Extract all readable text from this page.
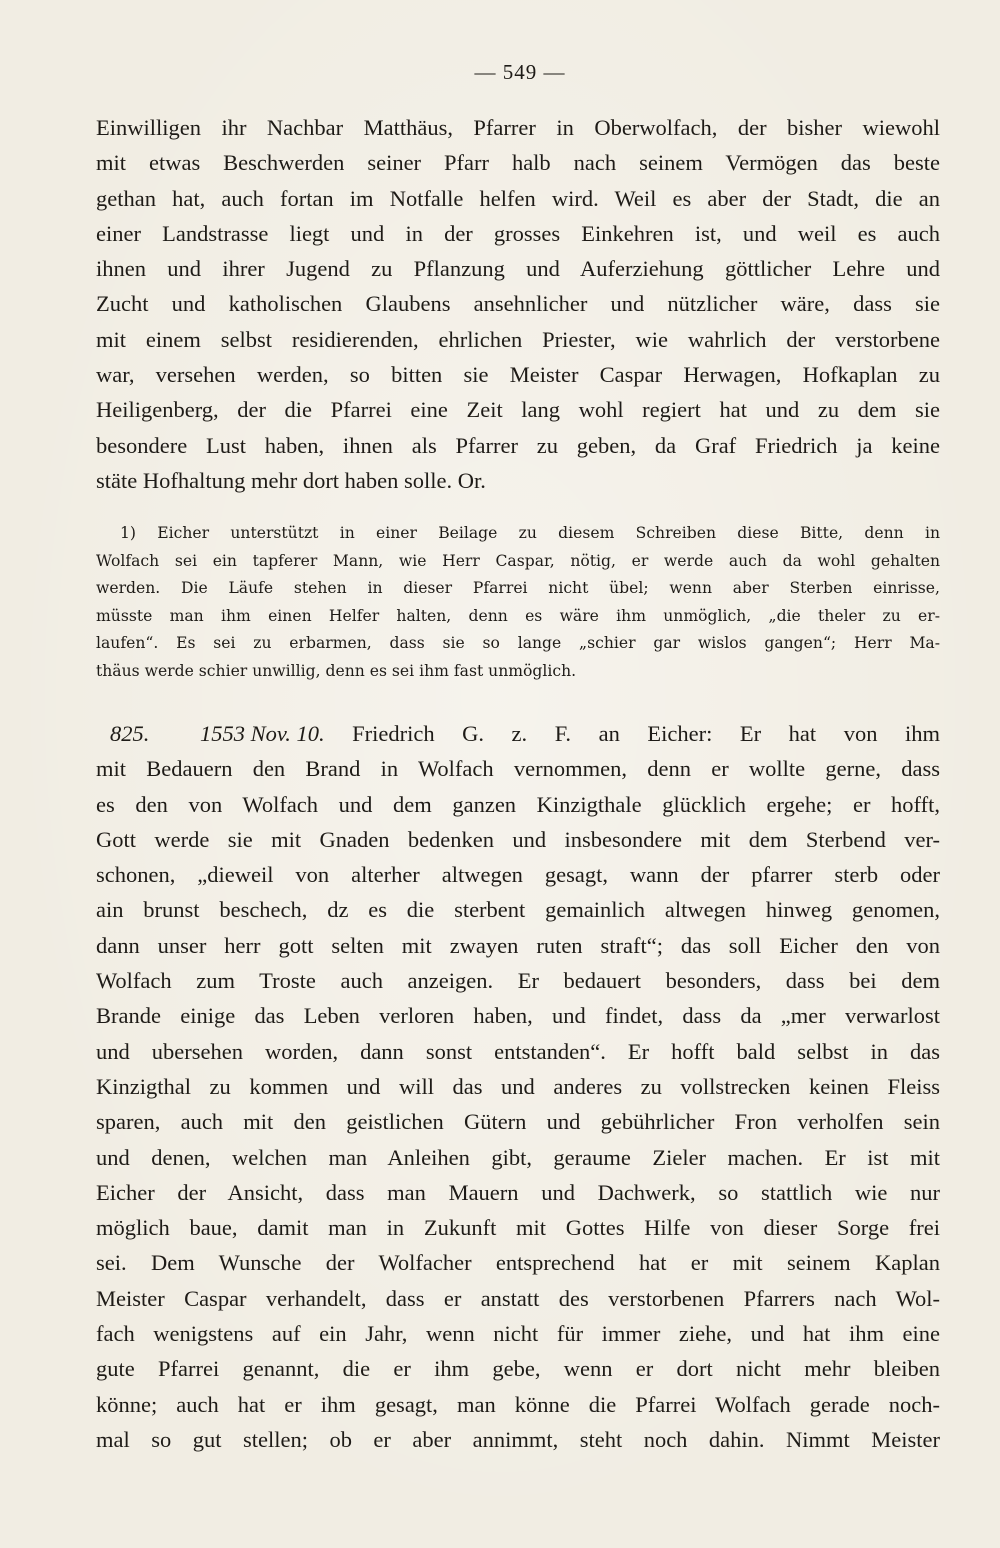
— 549 —
Einwilligen ihr Nachbar Matthäus, Pfarrer in Oberwolfach, der bisher wiewohl
mit etwas Beschwerden seiner Pfarr halb nach seinem Vermögen das beste
gethan hat, auch fortan im Notfalle helfen wird. Weil es aber der Stadt, die an
einer Landstrasse liegt und in der grosses Einkehren ist, und weil es auch
ihnen und ihrer Jugend zu Pflanzung und Auferziehung göttlicher Lehre und
Zucht und katholischen Glaubens ansehnlicher und nützlicher wäre, dass sie
mit einem selbst residierenden, ehrlichen Priester, wie wahrlich der verstorbene
war, versehen werden, so bitten sie Meister Caspar Herwagen, Hofkaplan zu
Heiligenberg, der die Pfarrei eine Zeit lang wohl regiert hat und zu dem sie
besondere Lust haben, ihnen als Pfarrer zu geben, da Graf Friedrich ja keine
stäte Hofhaltung mehr dort haben solle. Or.
1) Eicher unterstützt in einer Beilage zu diesem Schreiben diese Bitte, denn in
Wolfach sei ein tapferer Mann, wie Herr Caspar, nötig, er werde auch da wohl gehalten
werden. Die Läufe stehen in dieser Pfarrei nicht übel; wenn aber Sterben einrisse,
müsste man ihm einen Helfer halten, denn es wäre ihm unmöglich, „die theler zu er-
laufen“. Es sei zu erbarmen, dass sie so lange „schier gar wislos gangen“; Herr Ma-
thäus werde schier unwillig, denn es sei ihm fast unmöglich.
825. 1553 Nov. 10. Friedrich G. z. F. an Eicher: Er hat von ihm
mit Bedauern den Brand in Wolfach vernommen, denn er wollte gerne, dass
es den von Wolfach und dem ganzen Kinzigthale glücklich ergehe; er hofft,
Gott werde sie mit Gnaden bedenken und insbesondere mit dem Sterbend ver-
schonen, „dieweil von alterher altwegen gesagt, wann der pfarrer sterb oder
ain brunst beschech, dz es die sterbent gemainlich altwegen hinweg genomen,
dann unser herr gott selten mit zwayen ruten straft“; das soll Eicher den von
Wolfach zum Troste auch anzeigen. Er bedauert besonders, dass bei dem
Brande einige das Leben verloren haben, und findet, dass da „mer verwarlost
und ubersehen worden, dann sonst entstanden“. Er hofft bald selbst in das
Kinzigthal zu kommen und will das und anderes zu vollstrecken keinen Fleiss
sparen, auch mit den geistlichen Gütern und gebührlicher Fron verholfen sein
und denen, welchen man Anleihen gibt, geraume Zieler machen. Er ist mit
Eicher der Ansicht, dass man Mauern und Dachwerk, so stattlich wie nur
möglich baue, damit man in Zukunft mit Gottes Hilfe von dieser Sorge frei
sei. Dem Wunsche der Wolfacher entsprechend hat er mit seinem Kaplan
Meister Caspar verhandelt, dass er anstatt des verstorbenen Pfarrers nach Wol-
fach wenigstens auf ein Jahr, wenn nicht für immer ziehe, und hat ihm eine
gute Pfarrei genannt, die er ihm gebe, wenn er dort nicht mehr bleiben
könne; auch hat er ihm gesagt, man könne die Pfarrei Wolfach gerade noch-
mal so gut stellen; ob er aber annimmt, steht noch dahin. Nimmt Meister
